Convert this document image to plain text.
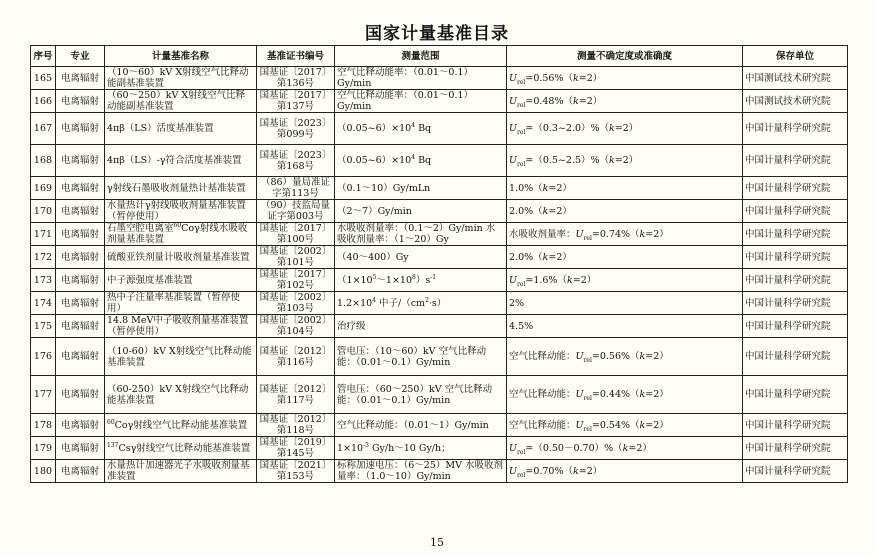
国家计量基准目录
序号	专业	计量基准名称	基准证书编号	测量范围	测量不确定度或准确度	保存单位
165	电离辐射	（10～60）kV X射线空气比释动能副基准装置	国基证〔2017〕第136号	空气比释动能率：（0.01～0.1）Gy/min	$U_{rel}=0.56\%(k=2)$	中国测试技术研究院
166	电离辐射	（60～250）kV X射线空气比释动能副基准装置	国基证〔2017〕第137号	空气比释动能率：（0.01～0.1）Gy/min	$U_{rel}=0.48\%(k=2)$	中国测试技术研究院
167	电离辐射	4πβ（LS）活度基准装置	国基证〔2023〕第099号	$(0.05\sim 6)\times 10^4$ Bq	$U_{rel}=(0.3\sim 2.0)\%(k=2)$	中国计量科学研究院
168	电离辐射	4πβ（LS）-γ符合活度基准装置	国基证〔2023〕第168号	$(0.05\sim 6)\times 10^4$ Bq	$U_{rel}=(0.5\sim 2.5)\%(k=2)$	中国计量科学研究院
169	电离辐射	γ射线石墨吸收剂量热计基准装置	（86）量局准证字第113号	（0.1～10）Gy/mLn	1.0%（k=2）	中国计量科学研究院
170	电离辐射	水量热计γ射线吸收剂量基准装置（暂停使用）	（90）技监局量证字第003号	（2～7）Gy/min	2.0%（k=2）	中国计量科学研究院
171	电离辐射	石墨空腔电离室$^{60}$Coγ射线水吸收剂量基准装置	国基证〔2017〕第100号	水吸收剂量率：（0.1～2）Gy/min 水吸收剂量率：（1～20）Gy	水吸收剂量率：$U_{rel}=0.74\%(k=2)$	中国计量科学研究院
172	电离辐射	硫酸亚铁剂量计吸收剂量基准装置	国基证〔2002〕第101号	（40～400）Gy	2.0%（k=2）	中国计量科学研究院
173	电离辐射	中子源强度基准装置	国基证〔2017〕第102号	$(1\times 10^5\sim 1\times 10^8)s^{-1}$	$U_{rel}=1.6\%(k=2)$	中国计量科学研究院
174	电离辐射	热中子注量率基准装置（暂停使用）	国基证〔2002〕第103号	$1.2\times 10^4$ 中子$/(cm^2\cdot s)$	2%	中国计量科学研究院
175	电离辐射	14.8 MeV中子吸收剂量基准装置（暂停使用）	国基证〔2002〕第104号	治疗级	4.5%	中国计量科学研究院
176	电离辐射	（10-60）kV X射线空气比释动能基准装置	国基证〔2012〕第116号	管电压：（10～60）kV 空气比释动能：（0.01～0.1）Gy/min	空气比释动能：$U_{rel}=0.56\%(k=2)$	中国计量科学研究院
177	电离辐射	（60-250）kV X射线空气比释动能基准装置	国基证〔2012〕第117号	管电压：（60～250）kV 空气比释动能：（0.01～0.1）Gy/min	空气比释动能：$U_{rel}=0.44\%(k=2)$	中国计量科学研究院
178	电离辐射	$^{60}$Coγ射线空气比释动能基准装置	国基证〔2012〕第118号	空气比释动能：（0.01～1）Gy/min	空气比释动能：$U_{rel}=0.54\%(k=2)$	中国计量科学研究院
179	电离辐射	$^{137}$Csγ射线空气比释动能基准装置	国基证〔2019〕第145号	$1\times 10^{-3}$ Gy/h～10 Gy/h；	$U_{rel}=(0.50-0.70)\%(k=2)$	中国计量科学研究院
180	电离辐射	水量热计加速器光子水吸收剂量基准装置	国基证〔2021〕第153号	标称加速电压：（6～25）MV 水吸收剂量率：（1.0～10）Gy/min	$U_{rel}=0.70\%(k=2)$	中国计量科学研究院
15
